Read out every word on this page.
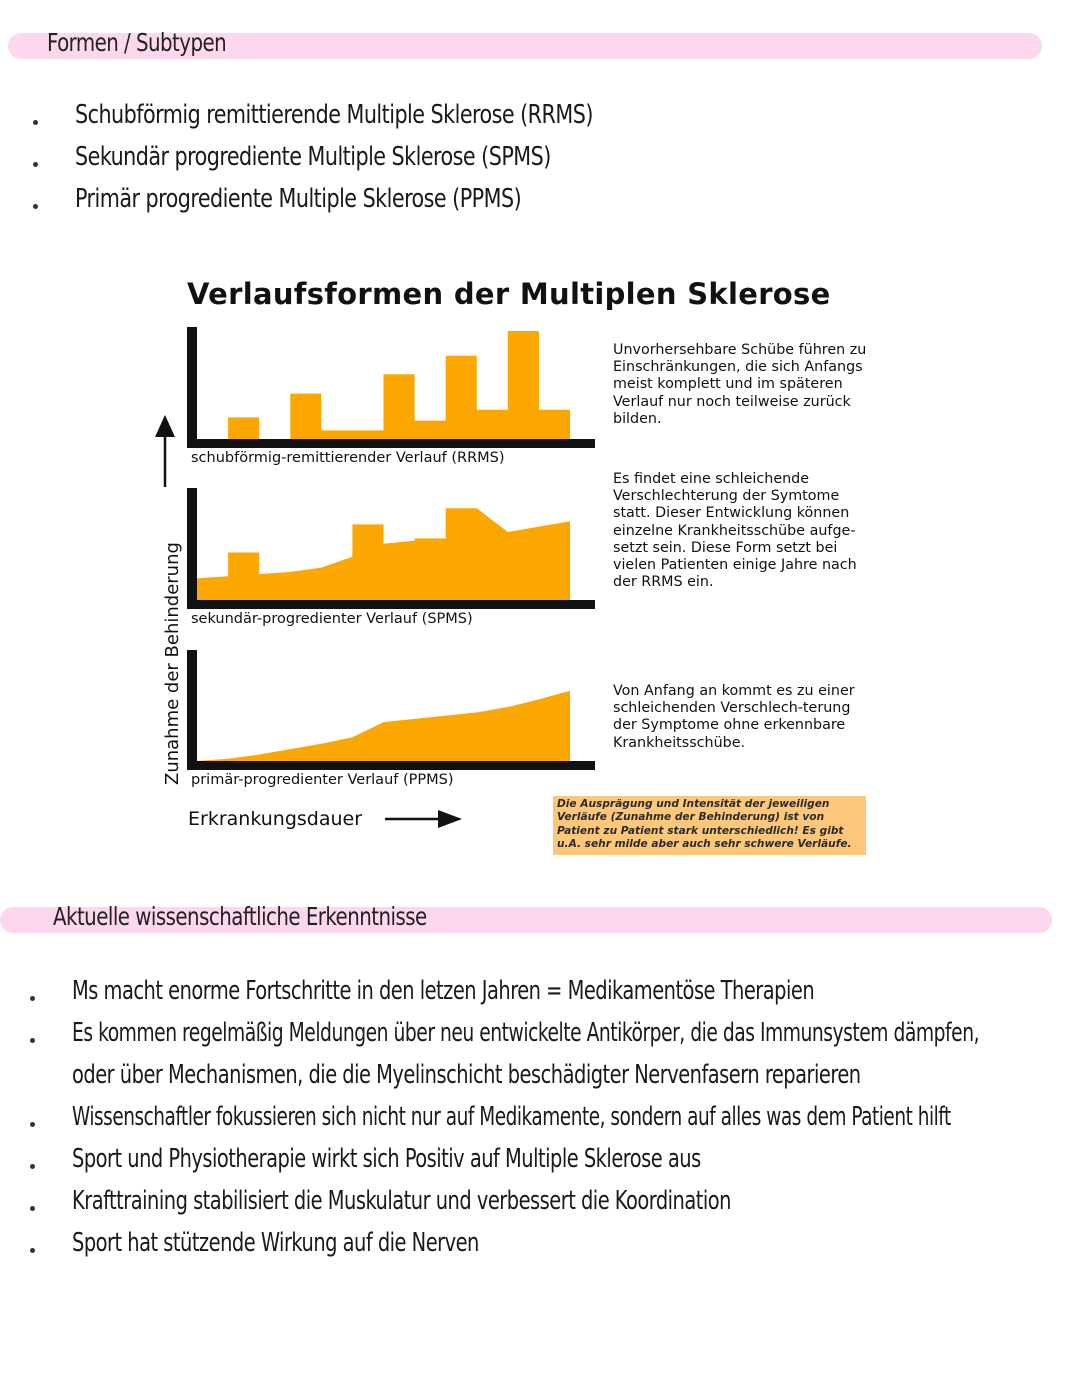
Formen / Subtypen
Schubförmig remittierende Multiple Sklerose (RRMS)
Sekundär progrediente Multiple Sklerose (SPMS)
Primär progrediente Multiple Sklerose (PPMS)
Verlaufsformen der Multiplen Sklerose
schubförmig-remittierender Verlauf (RRMS)
sekundär-progredienter Verlauf (SPMS)
primär-progredienter Verlauf (PPMS)
Unvorhersehbare Schübe führen zu Einschränkungen, die sich Anfangs meist komplett und im späteren Verlauf nur noch teilweise zurück bilden.
Es findet eine schleichende Verschlechterung der Symtome statt. Dieser Entwicklung können einzelne Krankheitsschübe aufge-setzt sein. Diese Form setzt bei vielen Patienten einige Jahre nach der RRMS ein.
Von Anfang an kommt es zu einer schleichenden Verschlech-terung der Symptome ohne erkennbare Krankheitsschübe.
Zunahme der Behinderung
Erkrankungsdauer
Die Ausprägung und Intensität der jeweiligen Verläufe (Zunahme der Behinderung) ist von Patient zu Patient stark unterschiedlich! Es gibt u.A. sehr milde aber auch sehr schwere Verläufe.
Aktuelle wissenschaftliche Erkenntnisse
Ms macht enorme Fortschritte in den letzen Jahren = Medikamentöse Therapien
Es kommen regelmäßig Meldungen über neu entwickelte Antikörper, die das Immunsystem dämpfen,
oder über Mechanismen, die die Myelinschicht beschädigter Nervenfasern reparieren
Wissenschaftler fokussieren sich nicht nur auf Medikamente, sondern auf alles was dem Patient hilft
Sport und Physiotherapie wirkt sich Positiv auf Multiple Sklerose aus
Krafttraining stabilisiert die Muskulatur und verbessert die Koordination
Sport hat stützende Wirkung auf die Nerven
